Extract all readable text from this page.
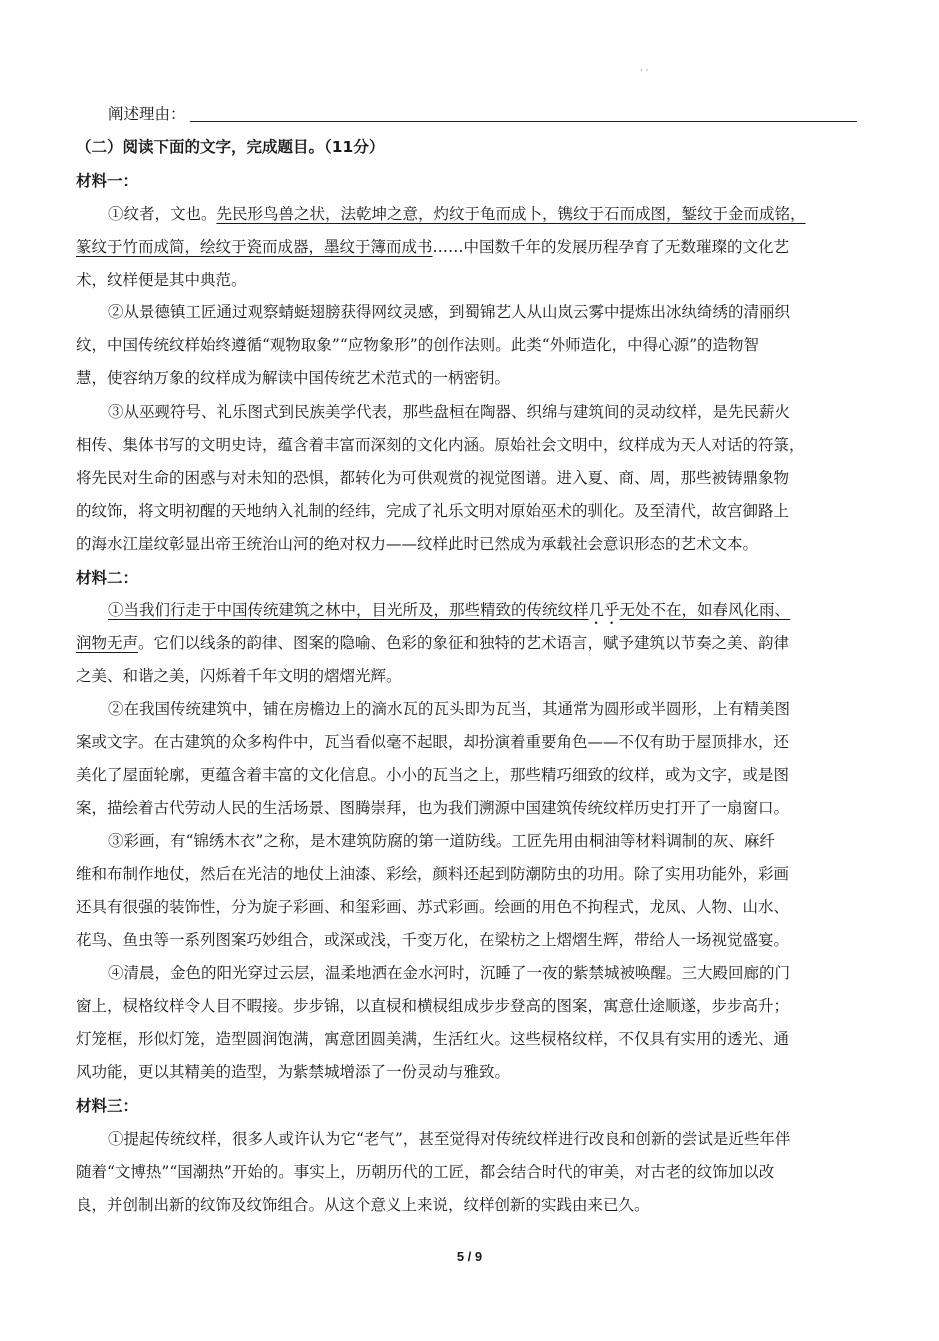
· ·
阐述理由：
（二）阅读下面的文字，完成题目。（11分）
材料一：
①纹者，文也。先民形鸟兽之状，法乾坤之意，灼纹于龟而成卜，镌纹于石而成图，錾纹于金而成铭，
篆纹于竹而成简，绘纹于瓷而成器，墨纹于簿而成书……中国数千年的发展历程孕育了无数璀璨的文化艺
术，纹样便是其中典范。
②从景德镇工匠通过观察蜻蜓翅膀获得网纹灵感，到蜀锦艺人从山岚云雾中提炼出冰纨绮绣的清丽织
纹，中国传统纹样始终遵循“观物取象”“应物象形”的创作法则。此类“外师造化，中得心源”的造物智
慧，使容纳万象的纹样成为解读中国传统艺术范式的一柄密钥。
③从巫觋符号、礼乐图式到民族美学代表，那些盘桓在陶器、织绵与建筑间的灵动纹样，是先民薪火
相传、集体书写的文明史诗，蕴含着丰富而深刻的文化内涵。原始社会文明中，纹样成为天人对话的符箓，
将先民对生命的困惑与对未知的恐惧，都转化为可供观赏的视觉图谱。进入夏、商、周，那些被铸鼎象物
的纹饰，将文明初醒的天地纳入礼制的经纬，完成了礼乐文明对原始巫术的驯化。及至清代，故宫御路上
的海水江崖纹彰显出帝王统治山河的绝对权力——纹样此时已然成为承载社会意识形态的艺术文本。
材料二：
①当我们行走于中国传统建筑之林中，目光所及，那些精致的传统纹样几乎无处不在，如春风化雨、
润物无声。它们以线条的韵律、图案的隐喻、色彩的象征和独特的艺术语言，赋予建筑以节奏之美、韵律
之美、和谐之美，闪烁着千年文明的熠熠光辉。
②在我国传统建筑中，铺在房檐边上的滴水瓦的瓦头即为瓦当，其通常为圆形或半圆形，上有精美图
案或文字。在古建筑的众多构件中，瓦当看似毫不起眼，却扮演着重要角色——不仅有助于屋顶排水，还
美化了屋面轮廓，更蕴含着丰富的文化信息。小小的瓦当之上，那些精巧细致的纹样，或为文字，或是图
案，描绘着古代劳动人民的生活场景、图腾崇拜，也为我们溯源中国建筑传统纹样历史打开了一扇窗口。
③彩画，有“锦绣木衣”之称，是木建筑防腐的第一道防线。工匠先用由桐油等材料调制的灰、麻纤
维和布制作地仗，然后在光洁的地仗上油漆、彩绘，颜料还起到防潮防虫的功用。除了实用功能外，彩画
还具有很强的装饰性，分为旋子彩画、和玺彩画、苏式彩画。绘画的用色不拘程式，龙凤、人物、山水、
花鸟、鱼虫等一系列图案巧妙组合，或深或浅，千变万化，在梁枋之上熠熠生辉，带给人一场视觉盛宴。
④清晨，金色的阳光穿过云层，温柔地洒在金水河时，沉睡了一夜的紫禁城被唤醒。三大殿回廊的门
窗上，棂格纹样令人目不暇接。步步锦，以直棂和横棂组成步步登高的图案，寓意仕途顺遂，步步高升；
灯笼框，形似灯笼，造型圆润饱满，寓意团圆美满，生活红火。这些棂格纹样，不仅具有实用的透光、通
风功能，更以其精美的造型，为紫禁城增添了一份灵动与雅致。
材料三：
①提起传统纹样，很多人或许认为它“老气”，甚至觉得对传统纹样进行改良和创新的尝试是近些年伴
随着“文博热”“国潮热”开始的。事实上，历朝历代的工匠，都会结合时代的审美，对古老的纹饰加以改
良，并创制出新的纹饰及纹饰组合。从这个意义上来说，纹样创新的实践由来已久。
5 / 9
